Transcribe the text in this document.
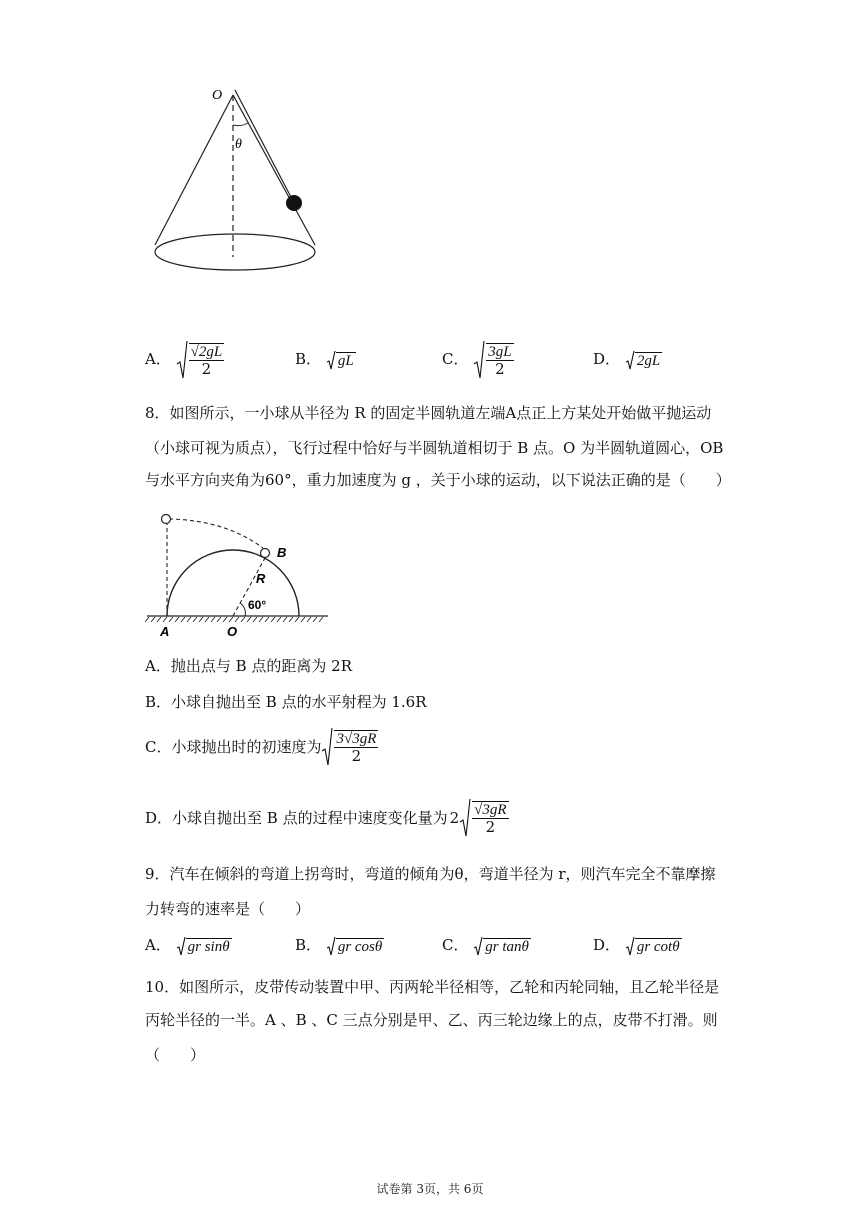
O
θ
A． $\frac{√2gL}{2}$	B． gL	C． $\frac{3gL}{2}$	D． 2gL
8．如图所示，一小球从半径为 R 的固定半圆轨道左端A点正上方某处开始做平抛运动
（小球可视为质点），飞行过程中恰好与半圆轨道相切于 B 点。O 为半圆轨道圆心，OB
与水平方向夹角为60°，重力加速度为 g ，关于小球的运动，以下说法正确的是（　　）
A	O
B
R
60°
A．抛出点与 B 点的距离为 2R
B．小球自抛出至 B 点的水平射程为 1.6R
C．小球抛出时的初速度为 $\frac{3√3gR}{2}$
D．小球自抛出至 B 点的过程中速度变化量为 $2 \frac{√3gR}{2}$
9．汽车在倾斜的弯道上拐弯时，弯道的倾角为θ，弯道半径为 r，则汽车完全不靠摩擦
力转弯的速率是（　　）
A． gr sinθ	B． gr cosθ	C． gr tanθ	D． gr cotθ
10．如图所示，皮带传动装置中甲、丙两轮半径相等，乙轮和丙轮同轴，且乙轮半径是
丙轮半径的一半。A 、B 、C 三点分别是甲、乙、丙三轮边缘上的点，皮带不打滑。则
（　　）
试卷第 3页，共 6页
